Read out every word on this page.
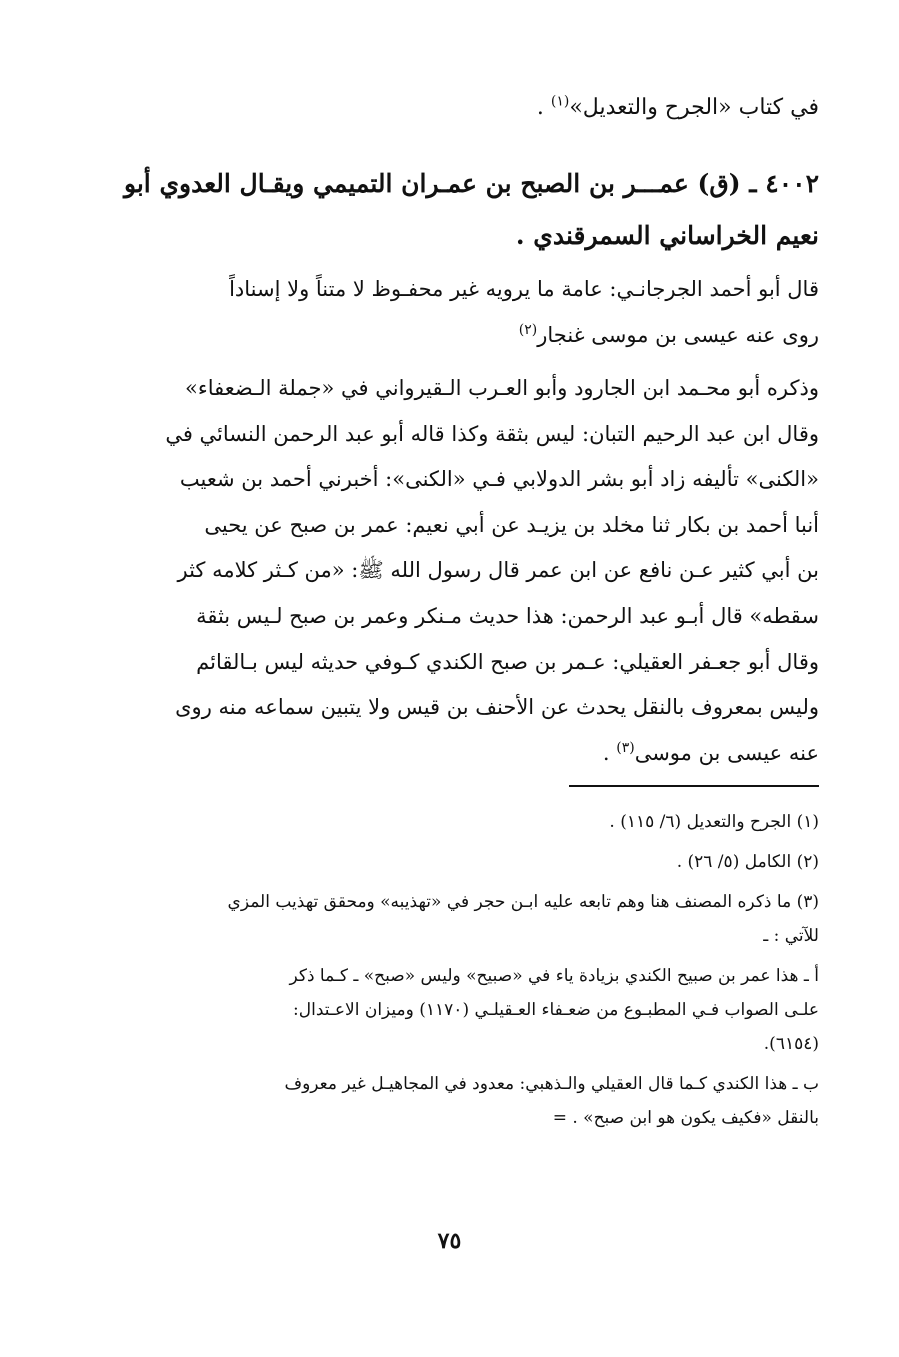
في كتاب «الجرح والتعديل»$^{(١)}$ .
٤٠٠٢ ـ (ق) عمـــر بن الصبح بن عمـران التميمي ويقـال العدوي أبو
نعيم الخراساني السمرقندي .
قال أبو أحمد الجرجانـي: عامة ما يرويه غير محفـوظ لا متناً ولا إسناداً
روى عنه عيسى بن موسى غنجار$^{(٢)}$
وذكره أبو محـمد ابن الجارود وأبو العـرب الـقيرواني في «جملة الـضعفاء»
وقال ابن عبد الرحيم التبان: ليس بثقة وكذا قاله أبو عبد الرحمن النسائي في
«الكنى» تأليفه زاد أبو بشر الدولابي فـي «الكنى»: أخبرني أحمد بن شعيب
أنبا أحمد بن بكار ثنا مخلد بن يزيـد عن أبي نعيم: عمر بن صبح عن يحيى
بن أبي كثير عـن نافع عن ابن عمر قال رسول الله ﷺ: «من كـثر كلامه كثر
سقطه» قال أبـو عبد الرحمن: هذا حديث مـنكر وعمر بن صبح لـيس بثقة
وقال أبو جعـفر العقيلي: عـمر بن صبح الكندي كـوفي حديثه ليس بـالقائم
وليس بمعروف بالنقل يحدث عن الأحنف بن قيس ولا يتبين سماعه منه روى
عنه عيسى بن موسى$^{(٣)}$ .
(١) الجرح والتعديل (٦/ ١١٥) .
(٢) الكامل (٥/ ٢٦) .
(٣) ما ذكره المصنف هنا وهم تابعه عليه ابـن حجر في «تهذيبه» ومحقق تهذيب المزي
للآتي : ـ
أ ـ هذا عمر بن صبيح الكندي بزيادة ياء في «صبيح» وليس «صبح» ـ كـما ذكر
علـى الصواب فـي المطبـوع من ضعـفاء العـقيلـي (١١٧٠) وميزان الاعـتدال:
(٦١٥٤).
ب ـ هذا الكندي كـما قال العقيلي والـذهبي: معدود في المجاهيـل غير معروف
بالنقل «فكيف يكون هو ابن صبح» . =
٧٥
